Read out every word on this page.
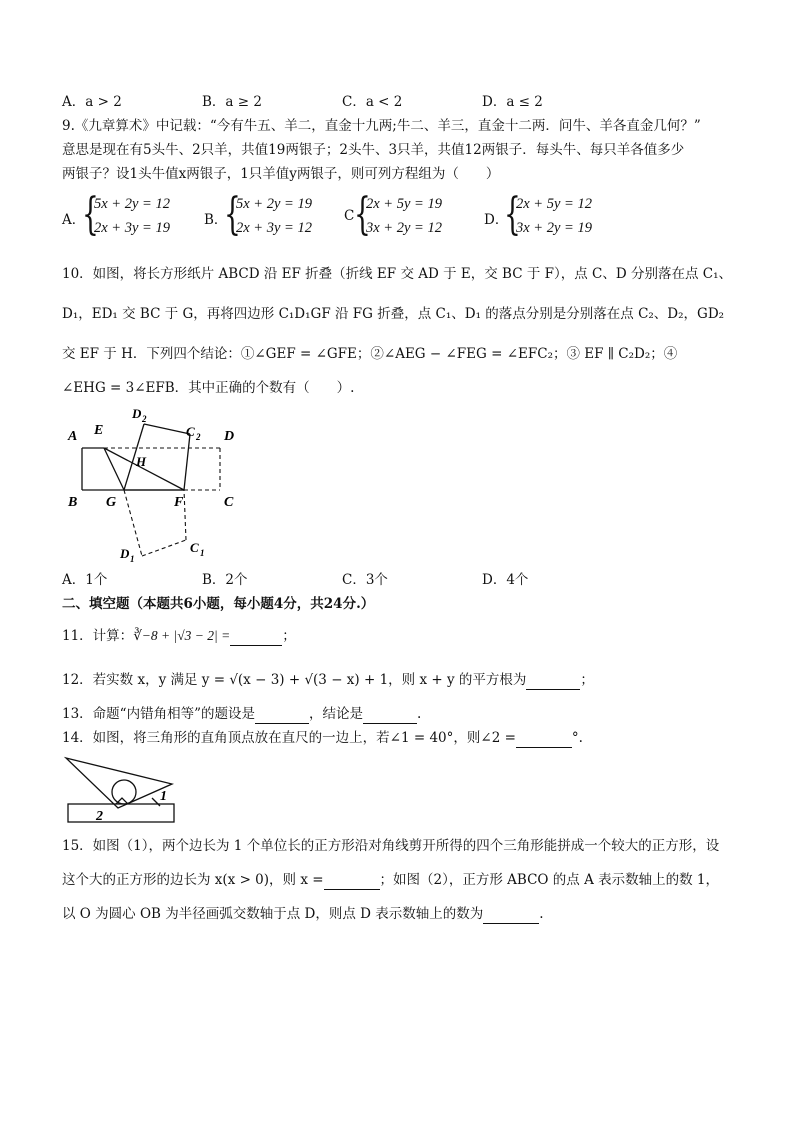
A．a > 2	B．a ≥ 2	C．a < 2	D．a ≤ 2
9.《九章算术》中记载：“今有牛五、羊二，直金十九两;牛二、羊三，直金十二两．问牛、羊各直金几何？”
意思是现在有5头牛、2只羊，共值19两银子；2头牛、3只羊，共值12两银子．每头牛、每只羊各值多少
两银子？设1头牛值x两银子，1只羊值y两银子，则可列方程组为（　　）
A．
{
5x + 2y = 12
2x + 3y = 19	B．
{
5x + 2y = 19
2x + 3y = 12
C {
2x + 5y = 19
3x + 2y = 12	D．
{
2x + 5y = 12
3x + 2y = 19
10．如图，将长方形纸片 ABCD 沿 EF 折叠（折线 EF 交 AD 于 E，交 BC 于 F），点 C、D 分别落在点 C₁、
D₁，ED₁ 交 BC 于 G，再将四边形 C₁D₁GF 沿 FG 折叠，点 C₁、D₁ 的落点分别是分别落在点 C₂、D₂，GD₂
交 EF 于 H．下列四个结论：①∠GEF = ∠GFE；②∠AEG − ∠FEG = ∠EFC₂；③ EF ∥ C₂D₂；④
∠EHG = 3∠EFB．其中正确的个数有（　　）.
A E
D 2
C 2 D
H
B G	F	C
D 1
C 1
A．1个	B．2个	C．3个	D．4个
二、填空题（本题共6小题，每小题4分，共24分.）
11．计算：∛−8 + |√3 − 2| =	；
12．若实数 x，y 满足 y = √(x − 3) + √(3 − x) + 1，则 x + y 的平方根为	；
13．命题“内错角相等”的题设是	，结论是	.
14．如图，将三角形的直角顶点放在直尺的一边上，若∠1 = 40°，则∠2 =	°.
2
1
15．如图（1），两个边长为 1 个单位长的正方形沿对角线剪开所得的四个三角形能拼成一个较大的正方形，设
这个大的正方形的边长为 x(x > 0)，则 x =	；如图（2），正方形 ABCO 的点 A 表示数轴上的数 1，
以 O 为圆心 OB 为半径画弧交数轴于点 D，则点 D 表示数轴上的数为	.
